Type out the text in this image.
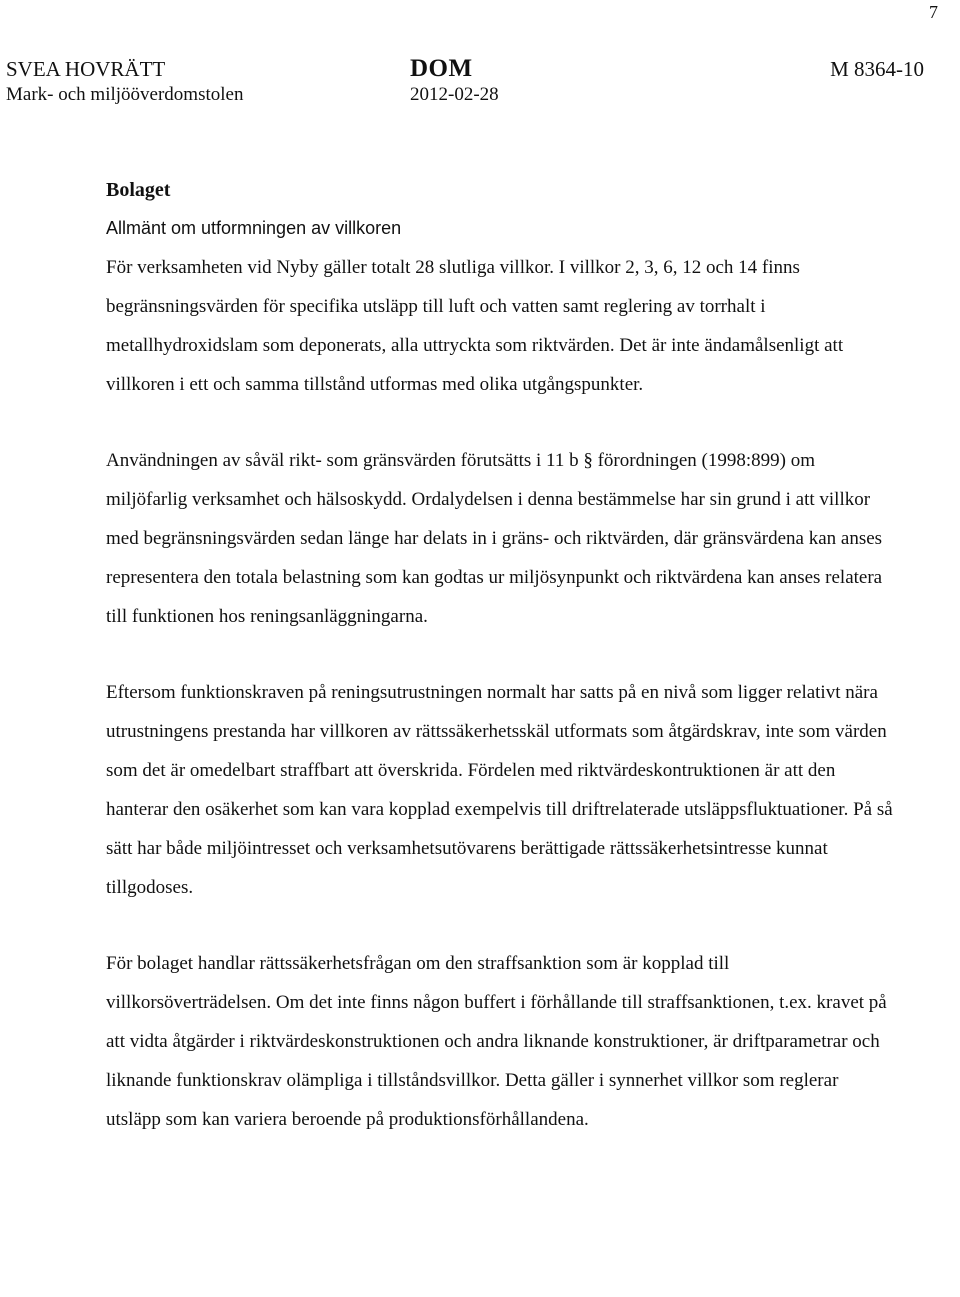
7
SVEA HOVRÄTT
Mark- och miljööverdomstolen
DOM
2012-02-28
M 8364-10

Bolaget

Allmänt om utformningen av villkoren

För verksamheten vid Nyby gäller totalt 28 slutliga villkor. I villkor 2, 3, 6, 12 och 14 finns begränsningsvärden för specifika utsläpp till luft och vatten samt reglering av torrhalt i metallhydroxidslam som deponerats, alla uttryckta som riktvärden. Det är inte ändamålsenligt att villkoren i ett och samma tillstånd utformas med olika utgångspunkter.

Användningen av såväl rikt- som gränsvärden förutsätts i 11 b § förordningen (1998:899) om miljöfarlig verksamhet och hälsoskydd. Ordalydelsen i denna bestämmelse har sin grund i att villkor med begränsningsvärden sedan länge har delats in i gräns- och riktvärden, där gränsvärdena kan anses representera den totala belastning som kan godtas ur miljösynpunkt och riktvärdena kan anses relatera till funktionen hos reningsanläggningarna.

Eftersom funktionskraven på reningsutrustningen normalt har satts på en nivå som ligger relativt nära utrustningens prestanda har villkoren av rättssäkerhetsskäl utformats som åtgärdskrav, inte som värden som det är omedelbart straffbart att överskrida. Fördelen med riktvärdeskontruktionen är att den hanterar den osäkerhet som kan vara kopplad exempelvis till driftrelaterade utsläppsfluktuationer. På så sätt har både miljöintresset och verksamhetsutövarens berättigade rättssäkerhetsintresse kunnat tillgodoses.

För bolaget handlar rättssäkerhetsfrågan om den straffsanktion som är kopplad till villkorsöverträdelsen. Om det inte finns någon buffert i förhållande till straffsanktionen, t.ex. kravet på att vidta åtgärder i riktvärdeskonstruktionen och andra liknande konstruktioner, är driftparametrar och liknande funktionskrav olämpliga i tillståndsvillkor. Detta gäller i synnerhet villkor som reglerar utsläpp som kan variera beroende på produktionsförhållandena.
